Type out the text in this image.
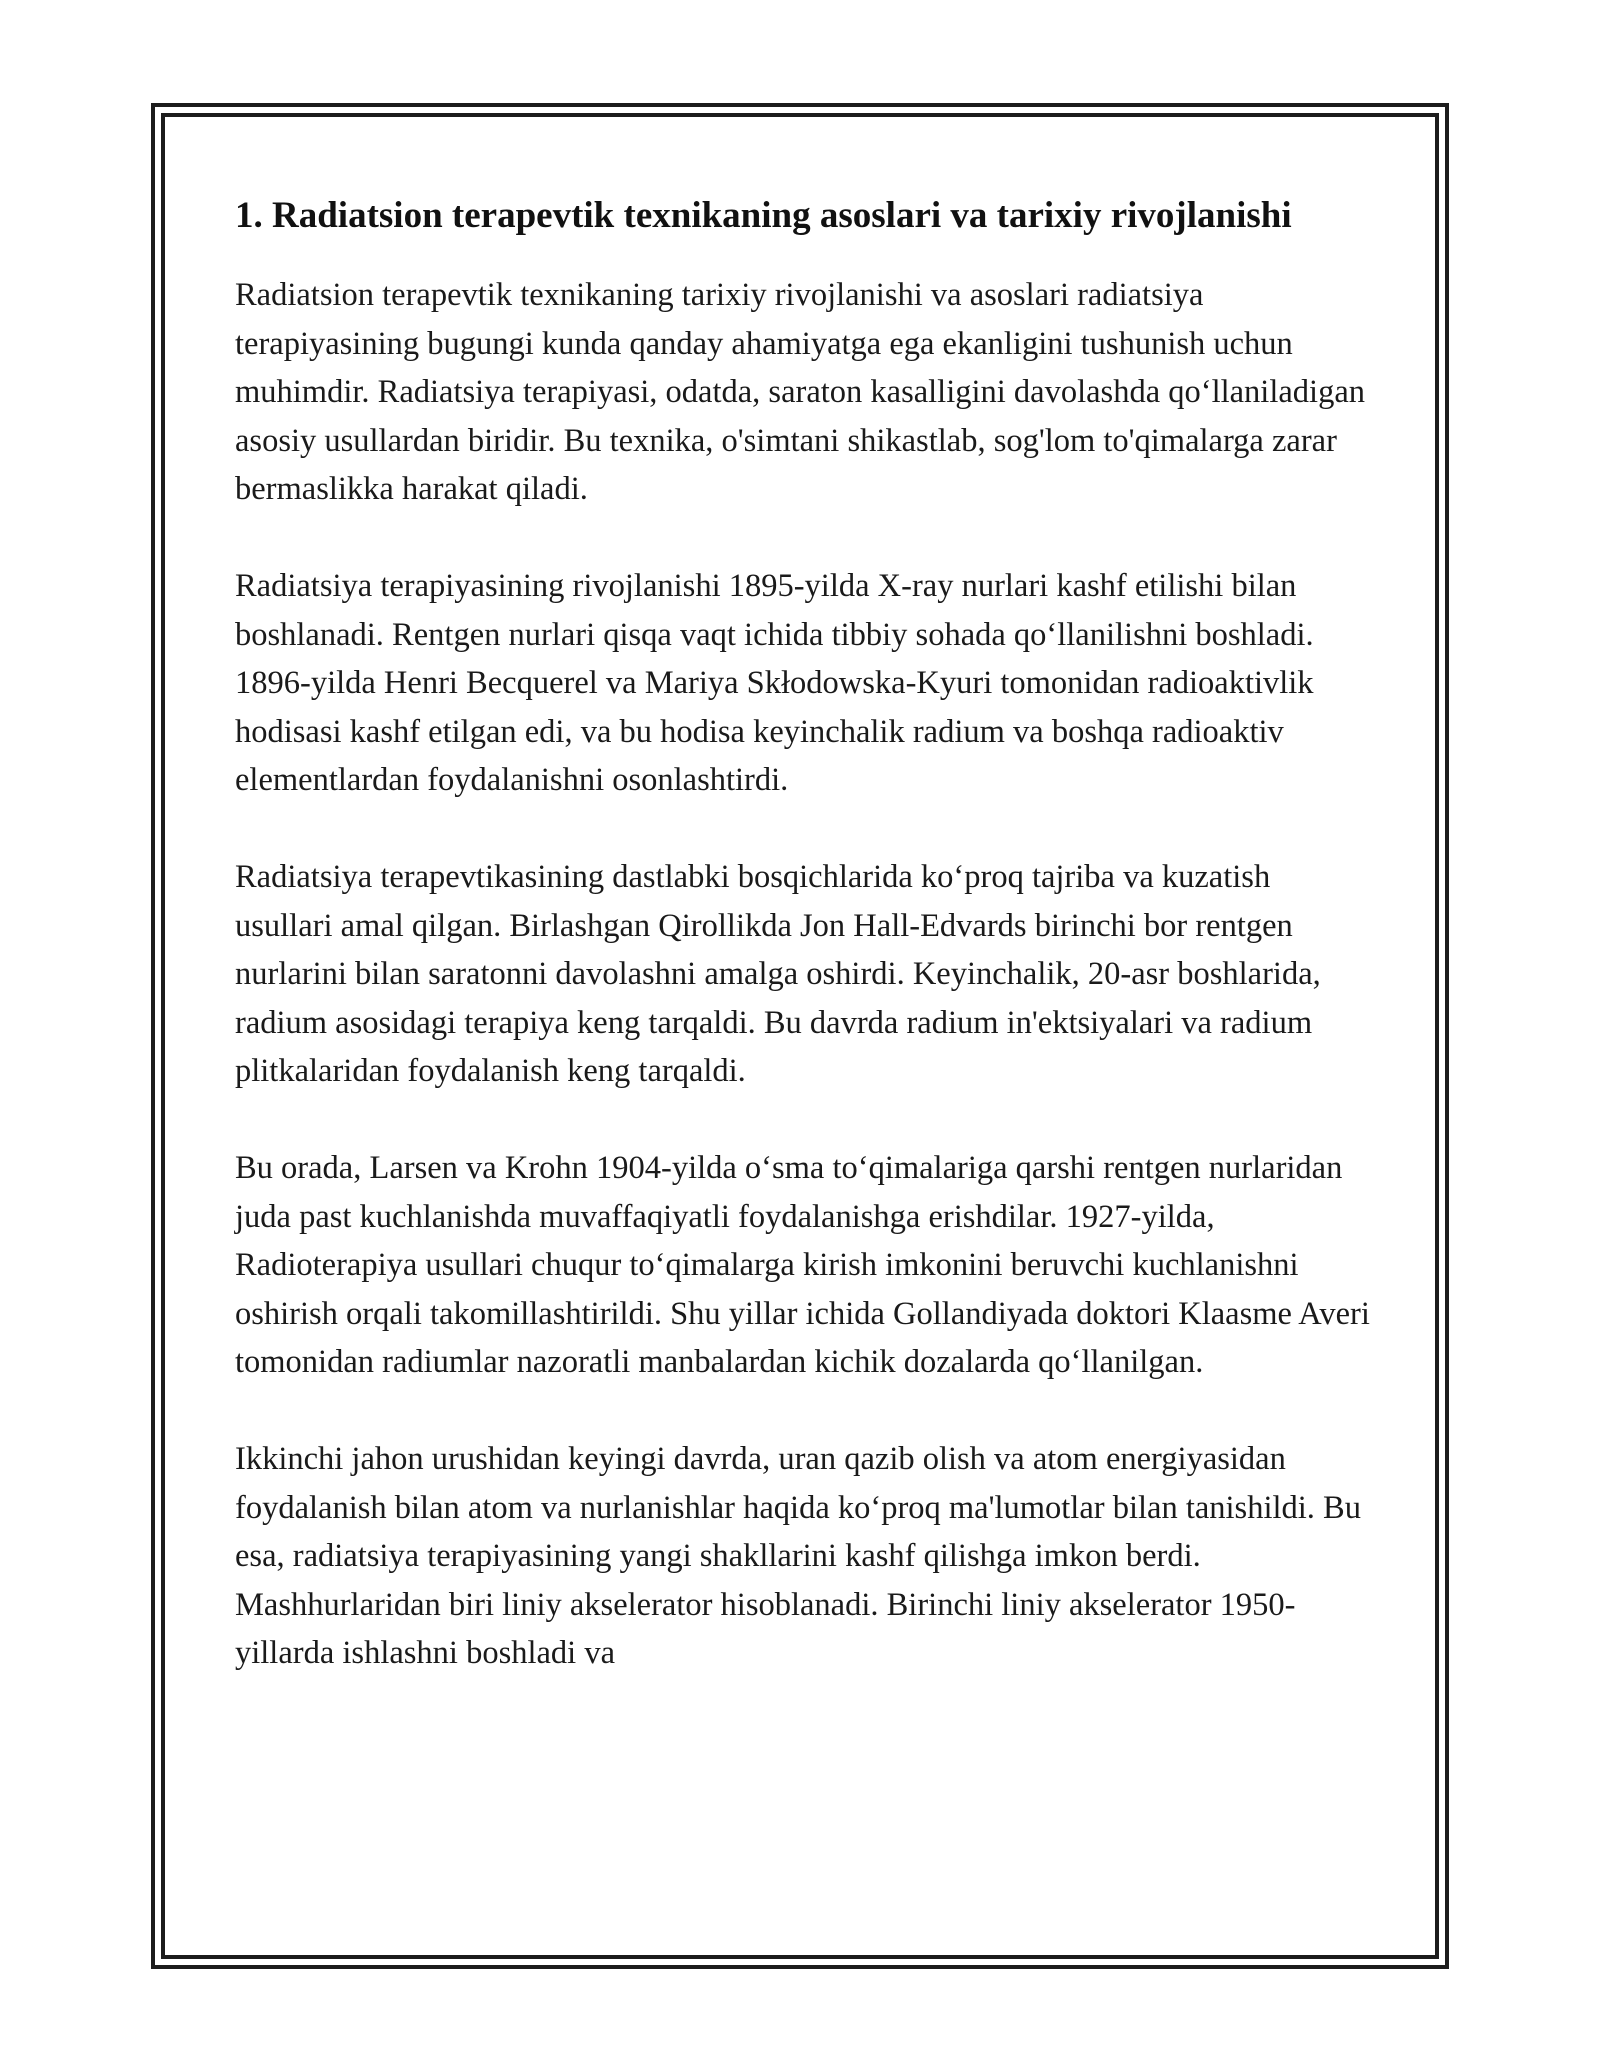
1. Radiatsion terapevtik texnikaning asoslari va tarixiy rivojlanishi

Radiatsion terapevtik texnikaning tarixiy rivojlanishi va asoslari radiatsiya terapiyasining bugungi kunda qanday ahamiyatga ega ekanligini tushunish uchun muhimdir. Radiatsiya terapiyasi, odatda, saraton kasalligini davolashda qo‘llaniladigan asosiy usullardan biridir. Bu texnika, o'simtani shikastlab, sog'lom to'qimalarga zarar bermaslikka harakat qiladi.

Radiatsiya terapiyasining rivojlanishi 1895-yilda X-ray nurlari kashf etilishi bilan boshlanadi. Rentgen nurlari qisqa vaqt ichida tibbiy sohada qo‘llanilishni boshladi. 1896-yilda Henri Becquerel va Mariya Skłodowska-Kyuri tomonidan radioaktivlik hodisasi kashf etilgan edi, va bu hodisa keyinchalik radium va boshqa radioaktiv elementlardan foydalanishni osonlashtirdi.

Radiatsiya terapevtikasining dastlabki bosqichlarida ko‘proq tajriba va kuzatish usullari amal qilgan. Birlashgan Qirollikda Jon Hall-Edvards birinchi bor rentgen nurlarini bilan saratonni davolashni amalga oshirdi. Keyinchalik, 20-asr boshlarida, radium asosidagi terapiya keng tarqaldi. Bu davrda radium in'ektsiyalari va radium plitkalaridan foydalanish keng tarqaldi.

Bu orada, Larsen va Krohn 1904-yilda o‘sma to‘qimalariga qarshi rentgen nurlaridan juda past kuchlanishda muvaffaqiyatli foydalanishga erishdilar. 1927-yilda, Radioterapiya usullari chuqur to‘qimalarga kirish imkonini beruvchi kuchlanishni oshirish orqali takomillashtirildi. Shu yillar ichida Gollandiyada doktori Klaasme Averi tomonidan radiumlar nazoratli manbalardan kichik dozalarda qo‘llanilgan.

Ikkinchi jahon urushidan keyingi davrda, uran qazib olish va atom energiyasidan foydalanish bilan atom va nurlanishlar haqida ko‘proq ma'lumotlar bilan tanishildi. Bu esa, radiatsiya terapiyasining yangi shakllarini kashf qilishga imkon berdi. Mashhurlaridan biri liniy akselerator hisoblanadi. Birinchi liniy akselerator 1950-yillarda ishlashni boshladi va
